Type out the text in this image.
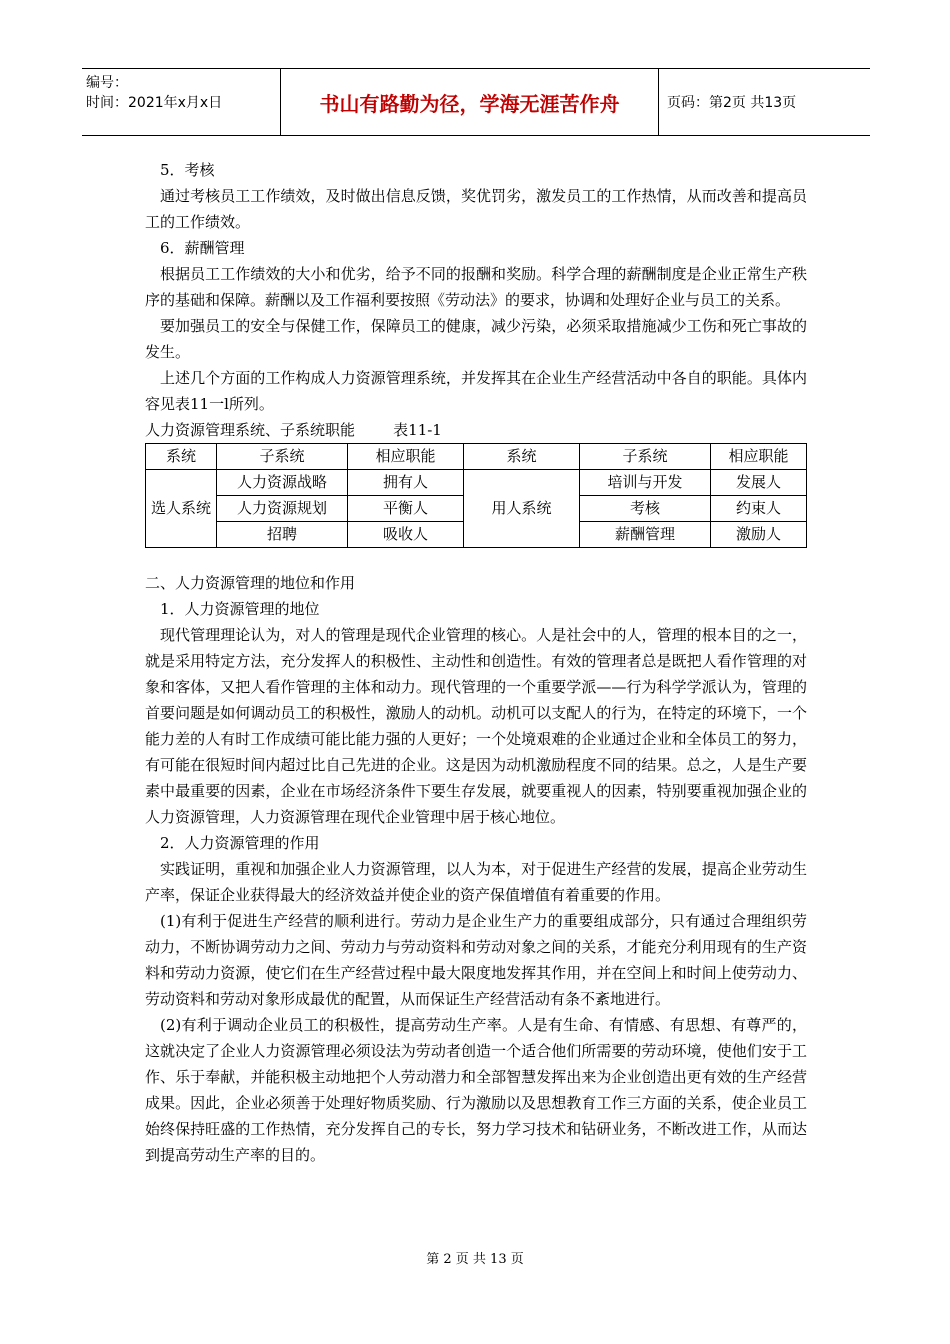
编号：
时间：2021年x月x日	书山有路勤为径，学海无涯苦作舟	页码：第2页 共13页

5．考核

通过考核员工工作绩效，及时做出信息反馈，奖优罚劣，激发员工的工作热情，从而改善和提高员工的工作绩效。

6．薪酬管理

根据员工工作绩效的大小和优劣，给予不同的报酬和奖励。科学合理的薪酬制度是企业正常生产秩序的基础和保障。薪酬以及工作福利要按照《劳动法》的要求，协调和处理好企业与员工的关系。

要加强员工的安全与保健工作，保障员工的健康，减少污染，必须采取措施减少工伤和死亡事故的发生。

上述几个方面的工作构成人力资源管理系统，并发挥其在企业生产经营活动中各自的职能。具体内容见表11一l所列。

人力资源管理系统、子系统职能        表11-1

系统	子系统	相应职能	系统	子系统	相应职能
选人系统	人力资源战略	拥有人	用人系统	培训与开发	发展人
	人力资源规划	平衡人		考核	约束人
	招聘	吸收人		薪酬管理	激励人

二、人力资源管理的地位和作用

1．人力资源管理的地位

现代管理理论认为，对人的管理是现代企业管理的核心。人是社会中的人，管理的根本目的之一，就是采用特定方法，充分发挥人的积极性、主动性和创造性。有效的管理者总是既把人看作管理的对象和客体，又把人看作管理的主体和动力。现代管理的一个重要学派——行为科学学派认为，管理的首要问题是如何调动员工的积极性，激励人的动机。动机可以支配人的行为，在特定的环境下，一个能力差的人有时工作成绩可能比能力强的人更好；一个处境艰难的企业通过企业和全体员工的努力，有可能在很短时间内超过比自己先进的企业。这是因为动机激励程度不同的结果。总之，人是生产要素中最重要的因素，企业在市场经济条件下要生存发展，就要重视人的因素，特别要重视加强企业的人力资源管理，人力资源管理在现代企业管理中居于核心地位。

2．人力资源管理的作用

实践证明，重视和加强企业人力资源管理，以人为本，对于促进生产经营的发展，提高企业劳动生产率，保证企业获得最大的经济效益并使企业的资产保值增值有着重要的作用。

(1)有利于促进生产经营的顺利进行。劳动力是企业生产力的重要组成部分，只有通过合理组织劳动力，不断协调劳动力之间、劳动力与劳动资料和劳动对象之间的关系，才能充分利用现有的生产资料和劳动力资源，使它们在生产经营过程中最大限度地发挥其作用，并在空间上和时间上使劳动力、劳动资料和劳动对象形成最优的配置，从而保证生产经营活动有条不紊地进行。

(2)有利于调动企业员工的积极性，提高劳动生产率。人是有生命、有情感、有思想、有尊严的，这就决定了企业人力资源管理必须设法为劳动者创造一个适合他们所需要的劳动环境，使他们安于工作、乐于奉献，并能积极主动地把个人劳动潜力和全部智慧发挥出来为企业创造出更有效的生产经营成果。因此，企业必须善于处理好物质奖励、行为激励以及思想教育工作三方面的关系，使企业员工始终保持旺盛的工作热情，充分发挥自己的专长，努力学习技术和钻研业务，不断改进工作，从而达到提高劳动生产率的目的。

第 2 页 共 13 页
